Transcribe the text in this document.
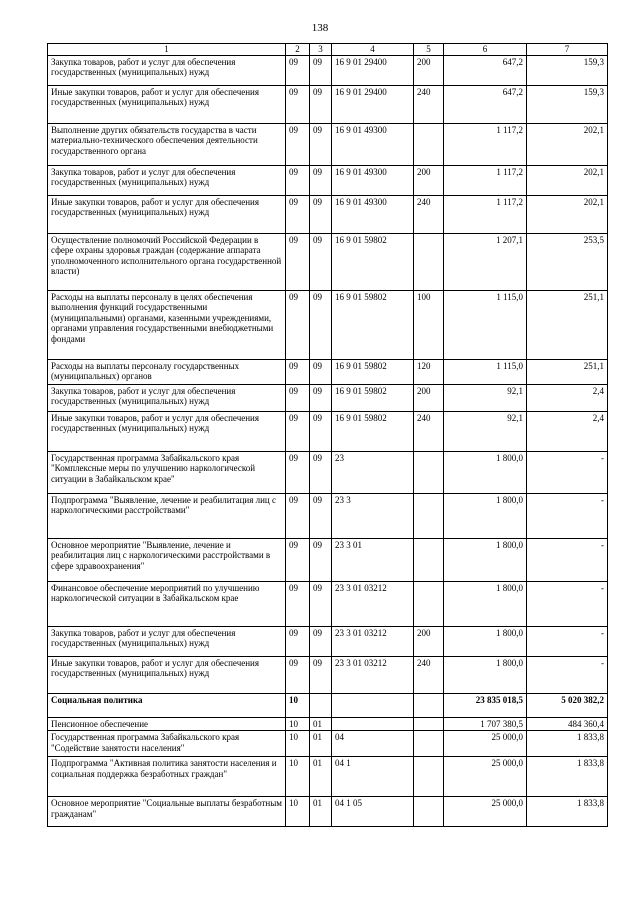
138
1	2	3	4	5	6	7
Закупка товаров, работ и услуг для обеспечения государственных (муниципальных) нужд	09	09	16 9 01 29400	200	647,2	159,3
Иные закупки товаров, работ и услуг для обеспечения государственных (муниципальных) нужд	09	09	16 9 01 29400	240	647,2	159,3
Выполнение других обязательств государства в части материально-технического обеспечения деятельности государственного органа	09	09	16 9 01 49300		1 117,2	202,1
Закупка товаров, работ и услуг для обеспечения государственных (муниципальных) нужд	09	09	16 9 01 49300	200	1 117,2	202,1
Иные закупки товаров, работ и услуг для обеспечения государственных (муниципальных) нужд	09	09	16 9 01 49300	240	1 117,2	202,1
Осуществление полномочий Российской Федерации в сфере охраны здоровья граждан (содержание аппарата уполномоченного исполнительного органа государственной власти)	09	09	16 9 01 59802		1 207,1	253,5
Расходы на выплаты персоналу в целях обеспечения выполнения функций государственными (муниципальными) органами, казенными учреждениями, органами управления государственными внебюджетными фондами	09	09	16 9 01 59802	100	1 115,0	251,1
Расходы на выплаты персоналу государственных (муниципальных) органов	09	09	16 9 01 59802	120	1 115,0	251,1
Закупка товаров, работ и услуг для обеспечения государственных (муниципальных) нужд	09	09	16 9 01 59802	200	92,1	2,4
Иные закупки товаров, работ и услуг для обеспечения государственных (муниципальных) нужд	09	09	16 9 01 59802	240	92,1	2,4
Государственная программа Забайкальского края "Комплексные меры по улучшению наркологической ситуации в Забайкальском крае"	09	09	23		1 800,0	-
Подпрограмма "Выявление, лечение и реабилитация лиц с наркологическими расстройствами"	09	09	23 3		1 800,0	-
Основное мероприятие "Выявление, лечение и реабилитация лиц с наркологическими расстройствами в сфере здравоохранения"	09	09	23 3 01		1 800,0	-
Финансовое обеспечение мероприятий по улучшению наркологической ситуации в Забайкальском крае	09	09	23 3 01 03212		1 800,0	-
Закупка товаров, работ и услуг для обеспечения государственных (муниципальных) нужд	09	09	23 3 01 03212	200	1 800,0	-
Иные закупки товаров, работ и услуг для обеспечения государственных (муниципальных) нужд	09	09	23 3 01 03212	240	1 800,0	-
Социальная политика	10				23 835 018,5	5 020 382,2
Пенсионное обеспечение	10	01			1 707 380,5	484 360,4
Государственная программа Забайкальского края "Содействие занятости населения"	10	01	04		25 000,0	1 833,8
Подпрограмма "Активная политика занятости населения и социальная поддержка безработных граждан"	10	01	04 1		25 000,0	1 833,8
Основное мероприятие "Социальные выплаты безработным гражданам"	10	01	04 1 05		25 000,0	1 833,8
